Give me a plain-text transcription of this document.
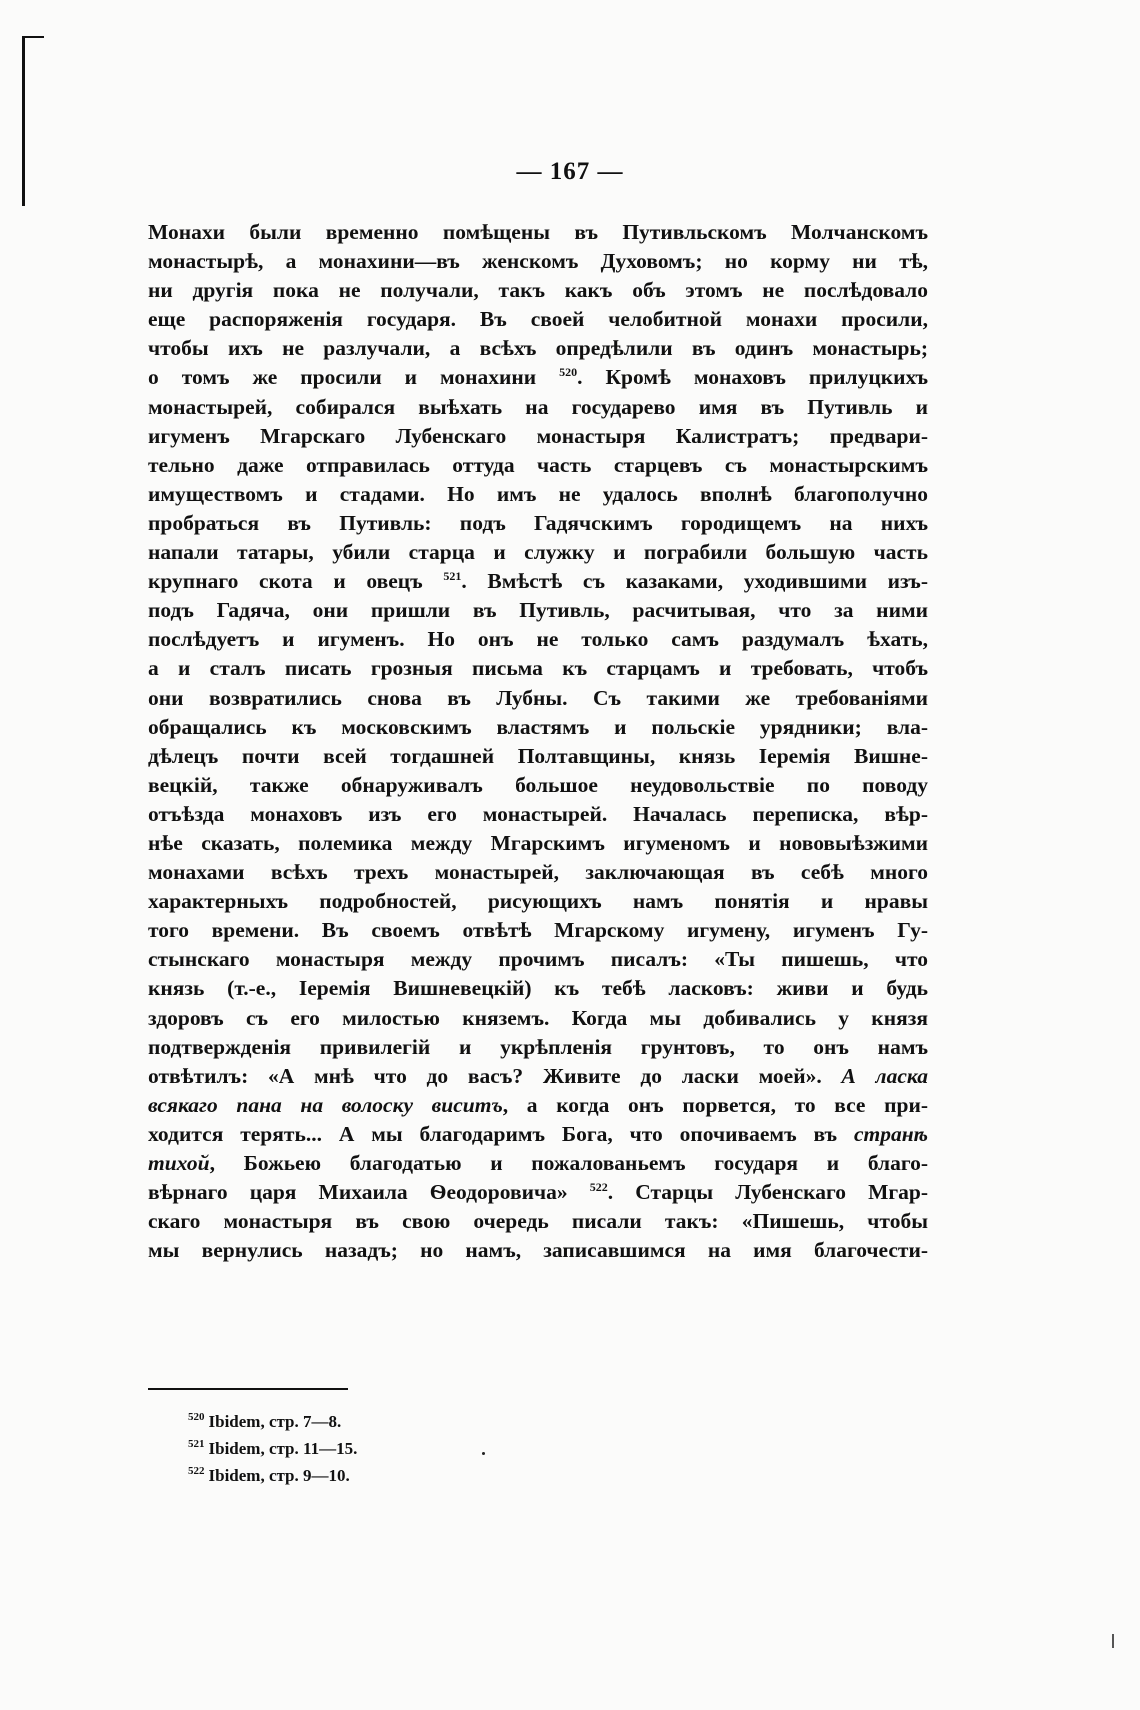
— 167 —
Монахи были временно помѣщены въ Путивльскомъ Молчанскомъ
монастырѣ, а монахини—въ женскомъ Духовомъ; но корму ни тѣ,
ни другія пока не получали, такъ какъ объ этомъ не послѣдовало
еще распоряженія государя. Въ своей челобитной монахи просили,
чтобы ихъ не разлучали, а всѣхъ опредѣлили въ одинъ монастырь;
о томъ же просили и монахини $^{520}$. Кромѣ монаховъ прилуцкихъ
монастырей, собирался выѣхать на государево имя въ Путивль и
игуменъ Мгарскаго Лубенскаго монастыря Калистратъ; предвари-
тельно даже отправилась оттуда часть старцевъ съ монастырскимъ
имуществомъ и стадами. Но имъ не удалось вполнѣ благополучно
пробраться въ Путивль: подъ Гадячскимъ городищемъ на нихъ
напали татары, убили старца и служку и пограбили большую часть
крупнаго скота и овецъ $^{521}$. Вмѣстѣ съ казаками, уходившими изъ-
подъ Гадяча, они пришли въ Путивль, расчитывая, что за ними
послѣдуетъ и игуменъ. Но онъ не только самъ раздумалъ ѣхать,
а и сталъ писать грозныя письма къ старцамъ и требовать, чтобъ
они возвратились снова въ Лубны. Съ такими же требованіями
обращались къ московскимъ властямъ и польскіе урядники; вла-
дѣлецъ почти всей тогдашней Полтавщины, князь Іеремія Вишне-
вецкій, также обнаруживалъ большое неудовольствіе по поводу
отъѣзда монаховъ изъ его монастырей. Началась переписка, вѣр-
нѣе сказать, полемика между Мгарскимъ игуменомъ и нововыѣзжими
монахами всѣхъ трехъ монастырей, заключающая въ себѣ много
характерныхъ подробностей, рисующихъ намъ понятія и нравы
того времени. Въ своемъ отвѣтѣ Мгарскому игумену, игуменъ Гу-
стынскаго монастыря между прочимъ писалъ: «Ты пишешь, что
князь (т.-е., Іеремія Вишневецкій) къ тебѣ ласковъ: живи и будь
здоровъ съ его милостью княземъ. Когда мы добивались у князя
подтвержденія привилегій и укрѣпленія грунтовъ, то онъ намъ
отвѣтилъ: «А мнѣ что до васъ? Живите до ласки моей». А ласка
всякаго пана на волоску виситъ, а когда онъ порвется, то все при-
ходится терять... А мы благодаримъ Бога, что опочиваемъ въ странѣ
тихой, Божьею благодатью и пожалованьемъ государя и благо-
вѣрнаго царя Михаила Ѳеодоровича» $^{522}$. Старцы Лубенскаго Мгар-
скаго монастыря въ свою очередь писали такъ: «Пишешь, чтобы
мы вернулись назадъ; но намъ, записавшимся на имя благочести-
$^{520}$ Ibidem, стр. 7—8.
$^{521}$ Ibidem, стр. 11—15.
$^{522}$ Ibidem, стр. 9—10.
